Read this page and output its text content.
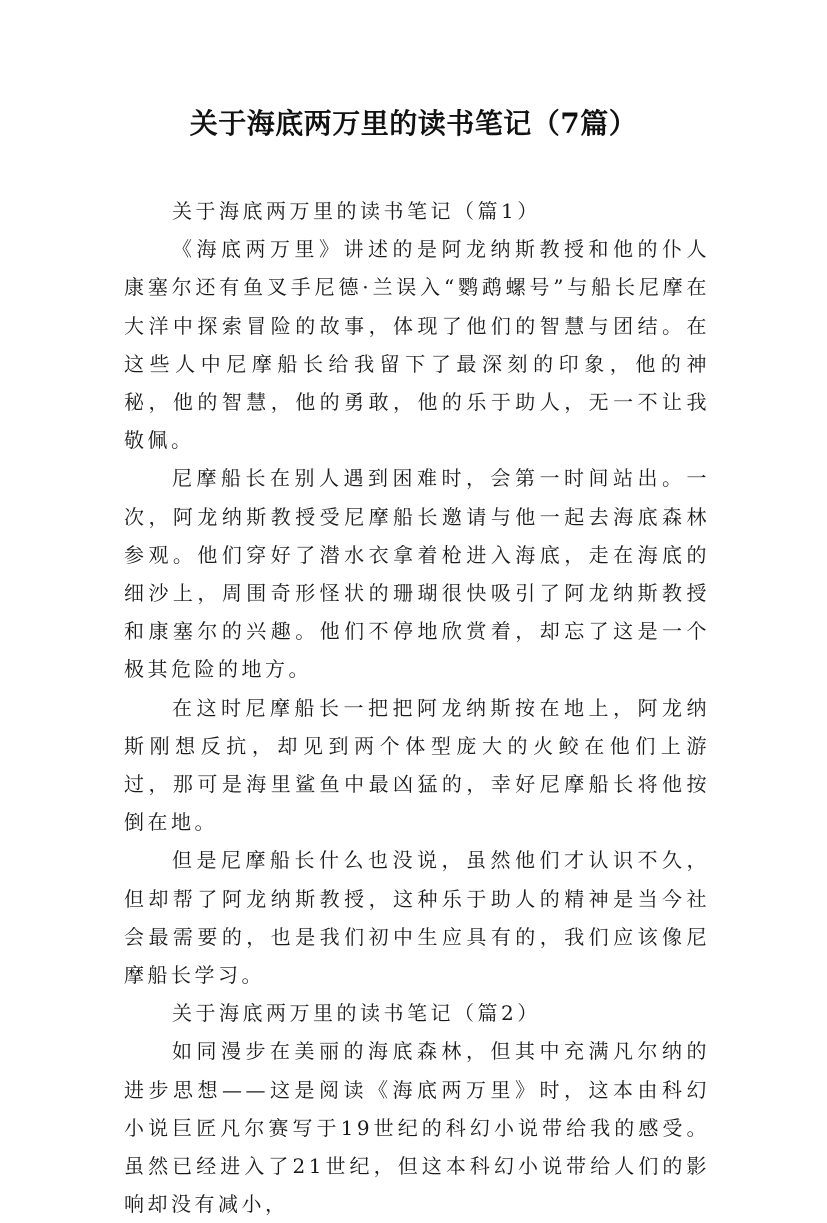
关于海底两万里的读书笔记（7篇）

关于海底两万里的读书笔记（篇1）

《海底两万里》讲述的是阿龙纳斯教授和他的仆人康塞尔还有鱼叉手尼德·兰误入“鹦鹉螺号”与船长尼摩在大洋中探索冒险的故事，体现了他们的智慧与团结。在这些人中尼摩船长给我留下了最深刻的印象，他的神秘，他的智慧，他的勇敢，他的乐于助人，无一不让我敬佩。

尼摩船长在别人遇到困难时，会第一时间站出。一次，阿龙纳斯教授受尼摩船长邀请与他一起去海底森林参观。他们穿好了潜水衣拿着枪进入海底，走在海底的细沙上，周围奇形怪状的珊瑚很快吸引了阿龙纳斯教授和康塞尔的兴趣。他们不停地欣赏着，却忘了这是一个极其危险的地方。

在这时尼摩船长一把把阿龙纳斯按在地上，阿龙纳斯刚想反抗，却见到两个体型庞大的火鲛在他们上游过，那可是海里鲨鱼中最凶猛的，幸好尼摩船长将他按倒在地。

但是尼摩船长什么也没说，虽然他们才认识不久，但却帮了阿龙纳斯教授，这种乐于助人的精神是当今社会最需要的，也是我们初中生应具有的，我们应该像尼摩船长学习。

关于海底两万里的读书笔记（篇2）

如同漫步在美丽的海底森林，但其中充满凡尔纳的进步思想——这是阅读《海底两万里》时，这本由科幻小说巨匠凡尔赛写于19世纪的科幻小说带给我的感受。虽然已经进入了21世纪，但这本科幻小说带给人们的影响却没有减小，
